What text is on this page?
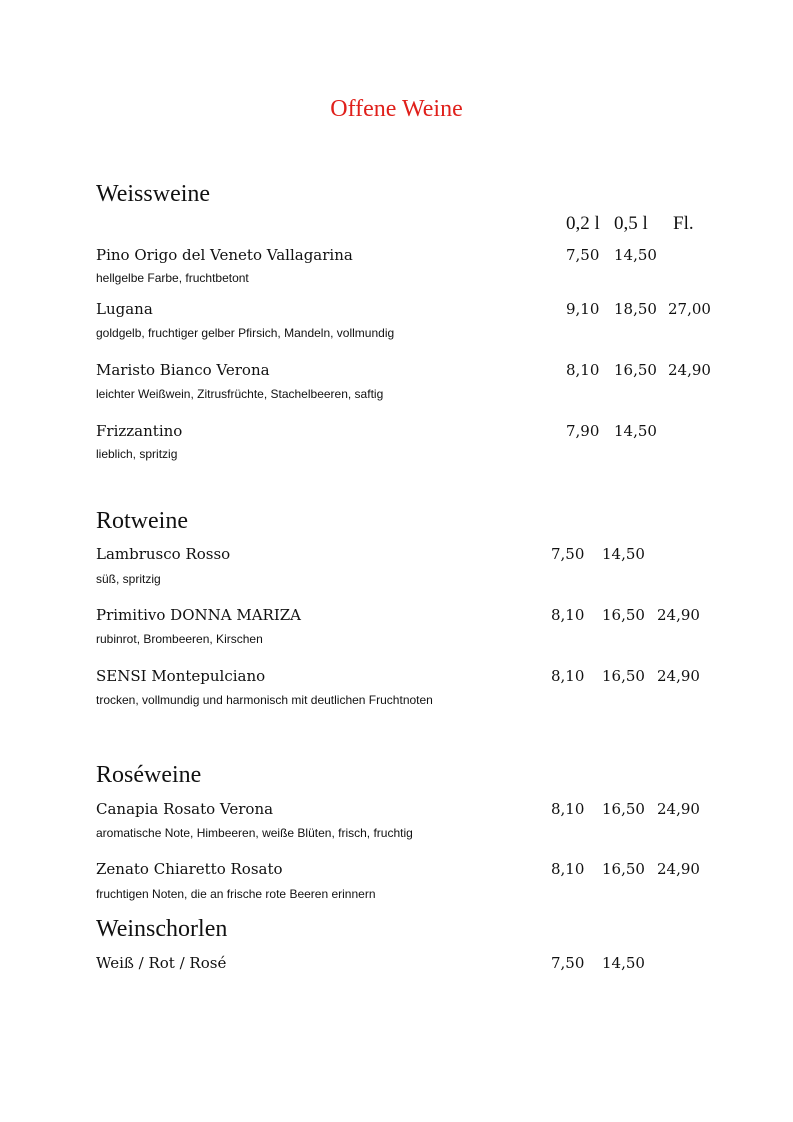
Offene Weine
0,2 l 0,5 l Fl.
Weissweine
Pino Origo del Veneto Vallagarina
hellgelbe Farbe, fruchtbetont
7,50 14,50
Lugana
goldgelb, fruchtiger gelber Pfirsich, Mandeln, vollmundig
9,10 18,50 27,00
Maristo Bianco Verona
leichter Weißwein, Zitrusfrüchte, Stachelbeeren, saftig
8,10 16,50 24,90
Frizzantino
lieblich, spritzig
7,90 14,50
Rotweine
Lambrusco Rosso
süß, spritzig
7,50 14,50
Primitivo DONNA MARIZA
rubinrot, Brombeeren, Kirschen
8,10 16,50 24,90
SENSI Montepulciano
trocken, vollmundig und harmonisch mit deutlichen Fruchtnoten
8,10 16,50 24,90
Roséweine
Canapia Rosato Verona
aromatische Note, Himbeeren, weiße Blüten, frisch, fruchtig
8,10 16,50 24,90
Zenato Chiaretto Rosato
fruchtigen Noten, die an frische rote Beeren erinnern
8,10 16,50 24,90
Weinschorlen
Weiß / Rot / Rosé	7,50 14,50
